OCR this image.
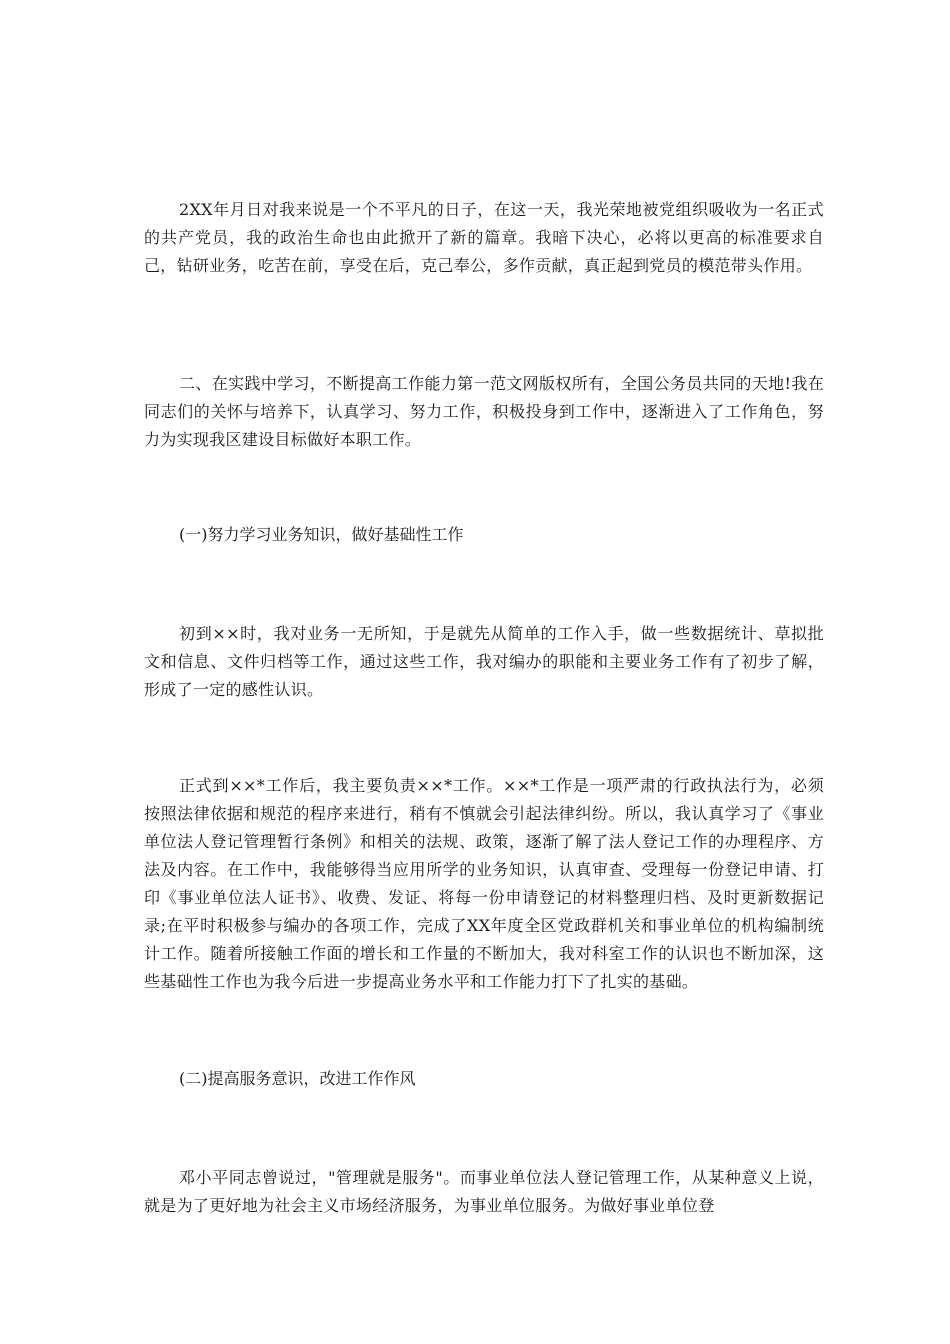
2XX年月日对我来说是一个不平凡的日子，在这一天，我光荣地被党组织吸收为一名正式的共产党员，我的政治生命也由此掀开了新的篇章。我暗下决心，必将以更高的标准要求自己，钻研业务，吃苦在前，享受在后，克己奉公，多作贡献，真正起到党员的模范带头作用。

二、在实践中学习，不断提高工作能力第一范文网版权所有，全国公务员共同的天地!我在同志们的关怀与培养下，认真学习、努力工作，积极投身到工作中，逐渐进入了工作角色，努力为实现我区建设目标做好本职工作。

(一)努力学习业务知识，做好基础性工作

初到××时，我对业务一无所知，于是就先从简单的工作入手，做一些数据统计、草拟批文和信息、文件归档等工作，通过这些工作，我对编办的职能和主要业务工作有了初步了解，形成了一定的感性认识。

正式到××*工作后，我主要负责××*工作。××*工作是一项严肃的行政执法行为，必须按照法律依据和规范的程序来进行，稍有不慎就会引起法律纠纷。所以，我认真学习了《事业单位法人登记管理暂行条例》和相关的法规、政策，逐渐了解了法人登记工作的办理程序、方法及内容。在工作中，我能够得当应用所学的业务知识，认真审查、受理每一份登记申请、打印《事业单位法人证书》、收费、发证、将每一份申请登记的材料整理归档、及时更新数据记录;在平时积极参与编办的各项工作，完成了XX年度全区党政群机关和事业单位的机构编制统计工作。随着所接触工作面的增长和工作量的不断加大，我对科室工作的认识也不断加深，这些基础性工作也为我今后进一步提高业务水平和工作能力打下了扎实的基础。

(二)提高服务意识，改进工作作风

邓小平同志曾说过，"管理就是服务"。而事业单位法人登记管理工作，从某种意义上说，就是为了更好地为社会主义市场经济服务，为事业单位服务。为做好事业单位登
